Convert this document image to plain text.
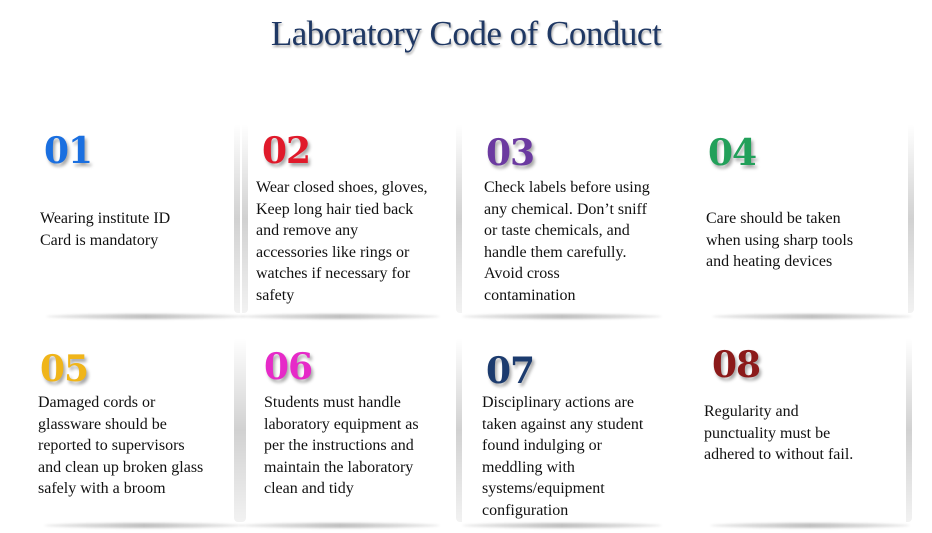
Laboratory Code of Conduct
01
Wearing institute ID Card is mandatory
02
Wear closed shoes, gloves, Keep long hair tied back and remove any accessories like rings or watches if necessary for safety
03
Check labels before using any chemical. Don’t sniff or taste chemicals, and handle them carefully. Avoid cross contamination
04
Care should be taken when using sharp tools and heating devices
05
Damaged cords or glassware should be reported to supervisors and clean up broken glass safely with a broom
06
Students must handle laboratory equipment as per the instructions and maintain the laboratory clean and tidy
07
Disciplinary actions are taken against any student found indulging or meddling with systems/equipment configuration
08
Regularity and punctuality must be adhered to without fail.
